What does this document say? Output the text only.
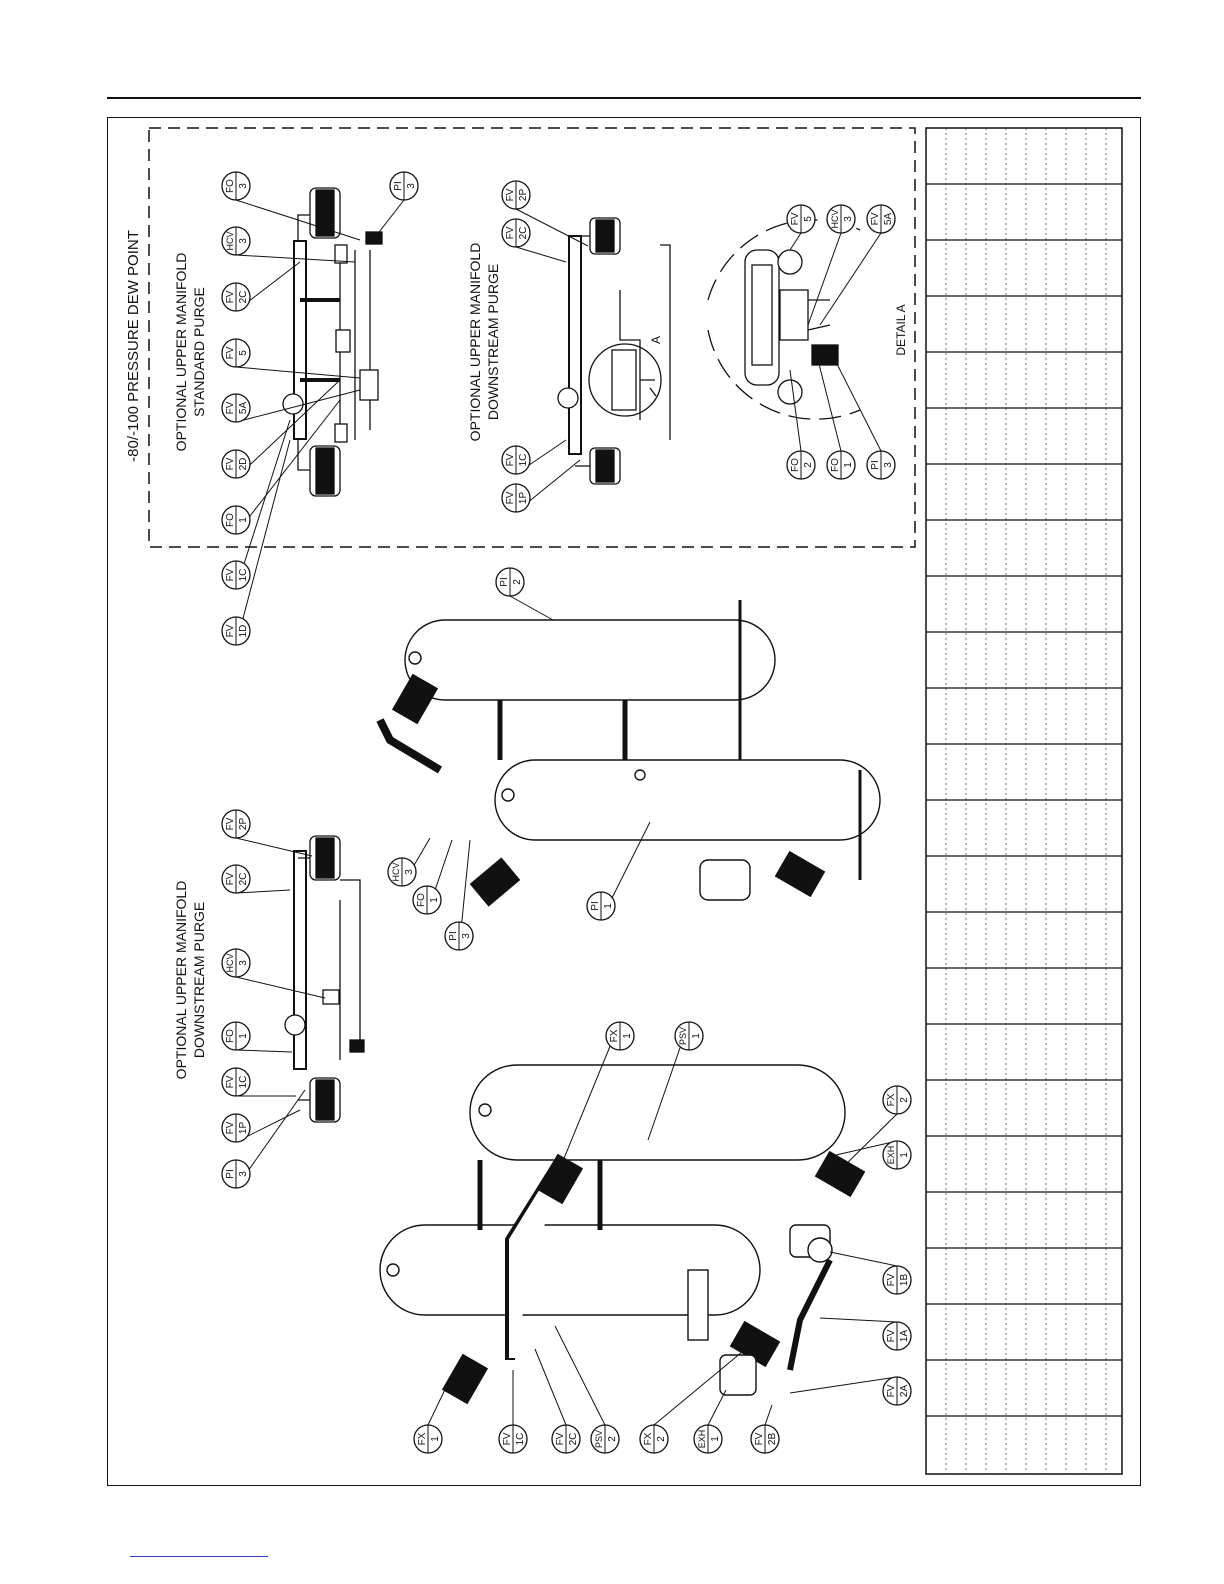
-80/-100 PRESSURE DEW POINT OPTIONAL UPPER MANIFOLD STANDARD PURGE	OPTIONAL UPPER MANIFOLD DOWNSTREAM PURGE
OPTIONAL UPPER MANIFOLD DOWNSTREAM PURGE
DETAIL A
A
FO 3
HCV 3
FV 2C
FV 5
FV 5A
FV 2D
FO 1
FV 1C
FV 1D
PI 3
FV 2P
FV 2C
FV 1C
FV 1P
FV 5 HCV 3 FV 5A
FO 2 FO 1 PI 3
PI 2
FV 2P
FV 2C
HCV 3
FO 1
FV 1C
FV 1P
PI 3
HCV 3
FO 1
PI 3
PI 1
FX 1	PSV 1
FX 2
EXH 1
FV 1B
FV 1A
FV 2A
FX 1	FV 1C	FV 2C PSV 2	FX 2	EXH 1	FV 2B
